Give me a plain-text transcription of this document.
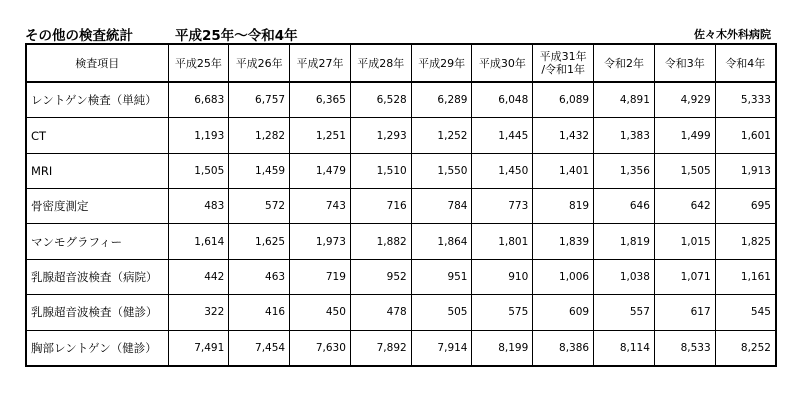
その他の検査統計	平成25年～令和4年	佐々木外科病院
検査項目	平成25年	平成26年	平成27年	平成28年	平成29年	平成30年	平成31年
/令和1年	令和2年	令和3年	令和4年
レントゲン検査（単純）	6,683	6,757	6,365	6,528	6,289	6,048	6,089	4,891	4,929	5,333
CT	1,193	1,282	1,251	1,293	1,252	1,445	1,432	1,383	1,499	1,601
MRI	1,505	1,459	1,479	1,510	1,550	1,450	1,401	1,356	1,505	1,913
骨密度測定	483	572	743	716	784	773	819	646	642	695
マンモグラフィー	1,614	1,625	1,973	1,882	1,864	1,801	1,839	1,819	1,015	1,825
乳腺超音波検査（病院）	442	463	719	952	951	910	1,006	1,038	1,071	1,161
乳腺超音波検査（健診）	322	416	450	478	505	575	609	557	617	545
胸部レントゲン（健診）	7,491	7,454	7,630	7,892	7,914	8,199	8,386	8,114	8,533	8,252
